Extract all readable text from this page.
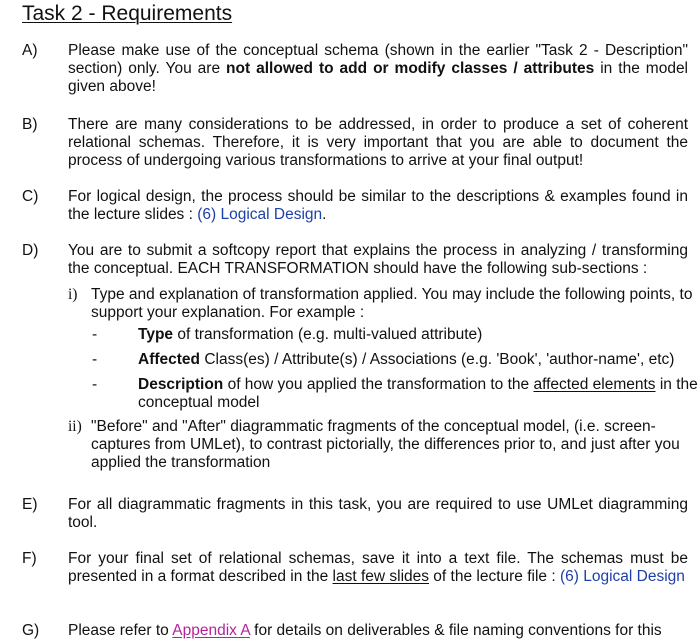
Task 2 - Requirements
A)	Please make use of the conceptual schema (shown in the earlier "Task 2 - Description" section) only. You are not allowed to add or modify classes / attributes in the model given above!
B)	There are many considerations to be addressed, in order to produce a set of coherent relational schemas. Therefore, it is very important that you are able to document the process of undergoing various transformations to arrive at your final output!
C)	For logical design, the process should be similar to the descriptions & examples found in the lecture slides : (6) Logical Design.
D)	You are to submit a softcopy report that explains the process in analyzing / transforming the conceptual. EACH TRANSFORMATION should have the following sub-sections :
i) Type and explanation of transformation applied. You may include the following points, to support your explanation. For example :
-	Type of transformation (e.g. multi-valued attribute)
-	Affected Class(es) / Attribute(s) / Associations (e.g. 'Book', 'author-name', etc)
-	Description of how you applied the transformation to the affected elements in the conceptual model
ii) "Before" and "After" diagrammatic fragments of the conceptual model, (i.e. screen-captures from UMLet), to contrast pictorially, the differences prior to, and just after you applied the transformation
E)	For all diagrammatic fragments in this task, you are required to use UMLet diagramming tool.
F)	For your final set of relational schemas, save it into a text file. The schemas must be presented in a format described in the last few slides of the lecture file : (6) Logical Design
G)	Please refer to Appendix A for details on deliverables & file naming conventions for this
